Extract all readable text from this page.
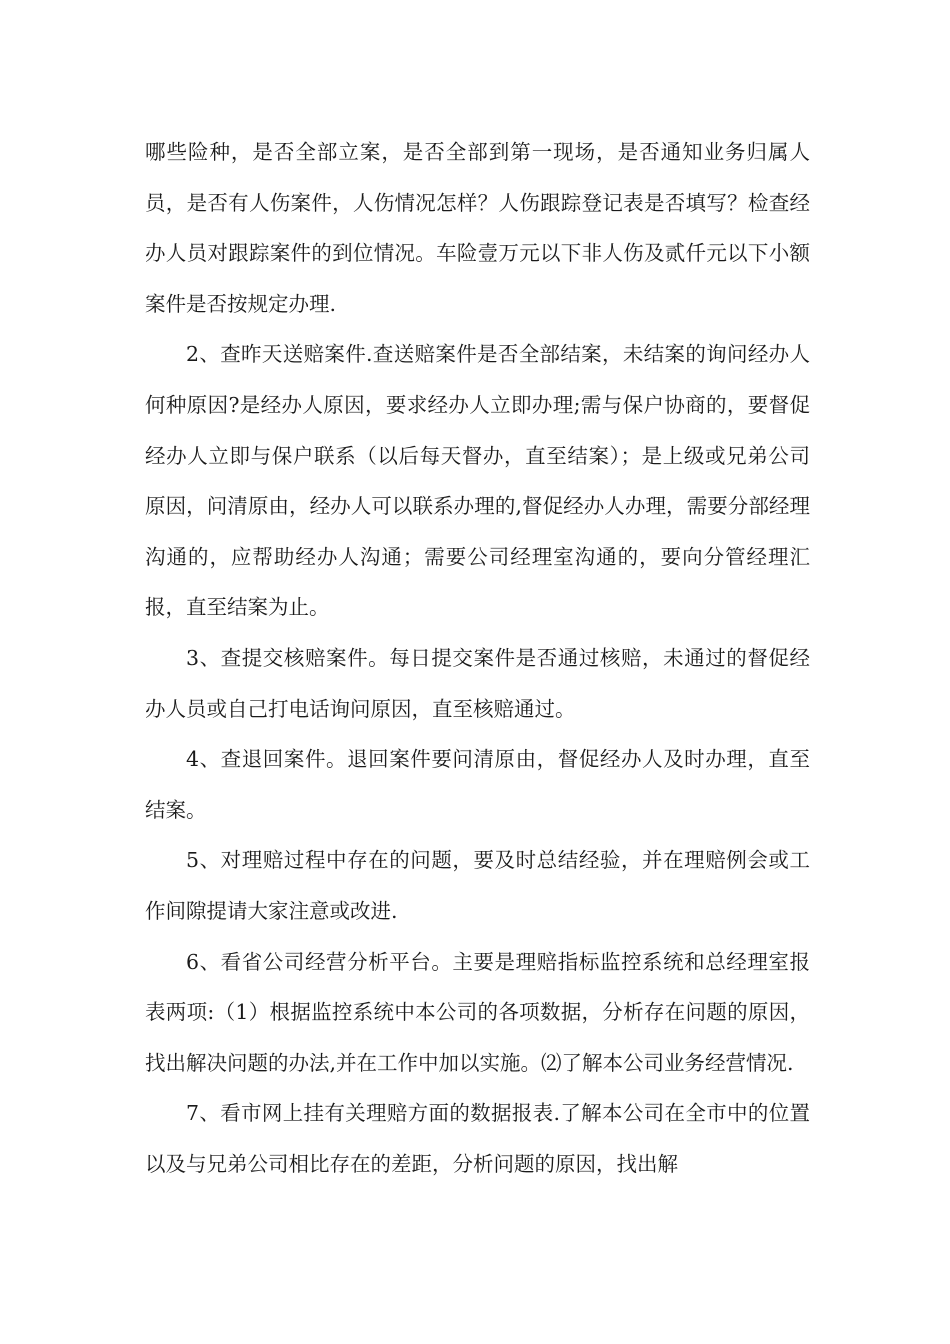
哪些险种，是否全部立案，是否全部到第一现场，是否通知业务归属人员，是否有人伤案件，人伤情况怎样？人伤跟踪登记表是否填写？检查经办人员对跟踪案件的到位情况。车险壹万元以下非人伤及贰仟元以下小额案件是否按规定办理.

2、查昨天送赔案件.查送赔案件是否全部结案，未结案的询问经办人何种原因?是经办人原因，要求经办人立即办理;需与保户协商的，要督促经办人立即与保户联系（以后每天督办，直至结案）；是上级或兄弟公司原因，问清原由，经办人可以联系办理的,督促经办人办理，需要分部经理沟通的，应帮助经办人沟通；需要公司经理室沟通的，要向分管经理汇报，直至结案为止。

3、查提交核赔案件。每日提交案件是否通过核赔，未通过的督促经办人员或自己打电话询问原因，直至核赔通过。

4、查退回案件。退回案件要问清原由，督促经办人及时办理，直至结案。

5、对理赔过程中存在的问题，要及时总结经验，并在理赔例会或工作间隙提请大家注意或改进.

6、看省公司经营分析平台。主要是理赔指标监控系统和总经理室报表两项:（1）根据监控系统中本公司的各项数据，分析存在问题的原因，找出解决问题的办法,并在工作中加以实施。⑵了解本公司业务经营情况.

7、看市网上挂有关理赔方面的数据报表.了解本公司在全市中的位置以及与兄弟公司相比存在的差距，分析问题的原因，找出解
